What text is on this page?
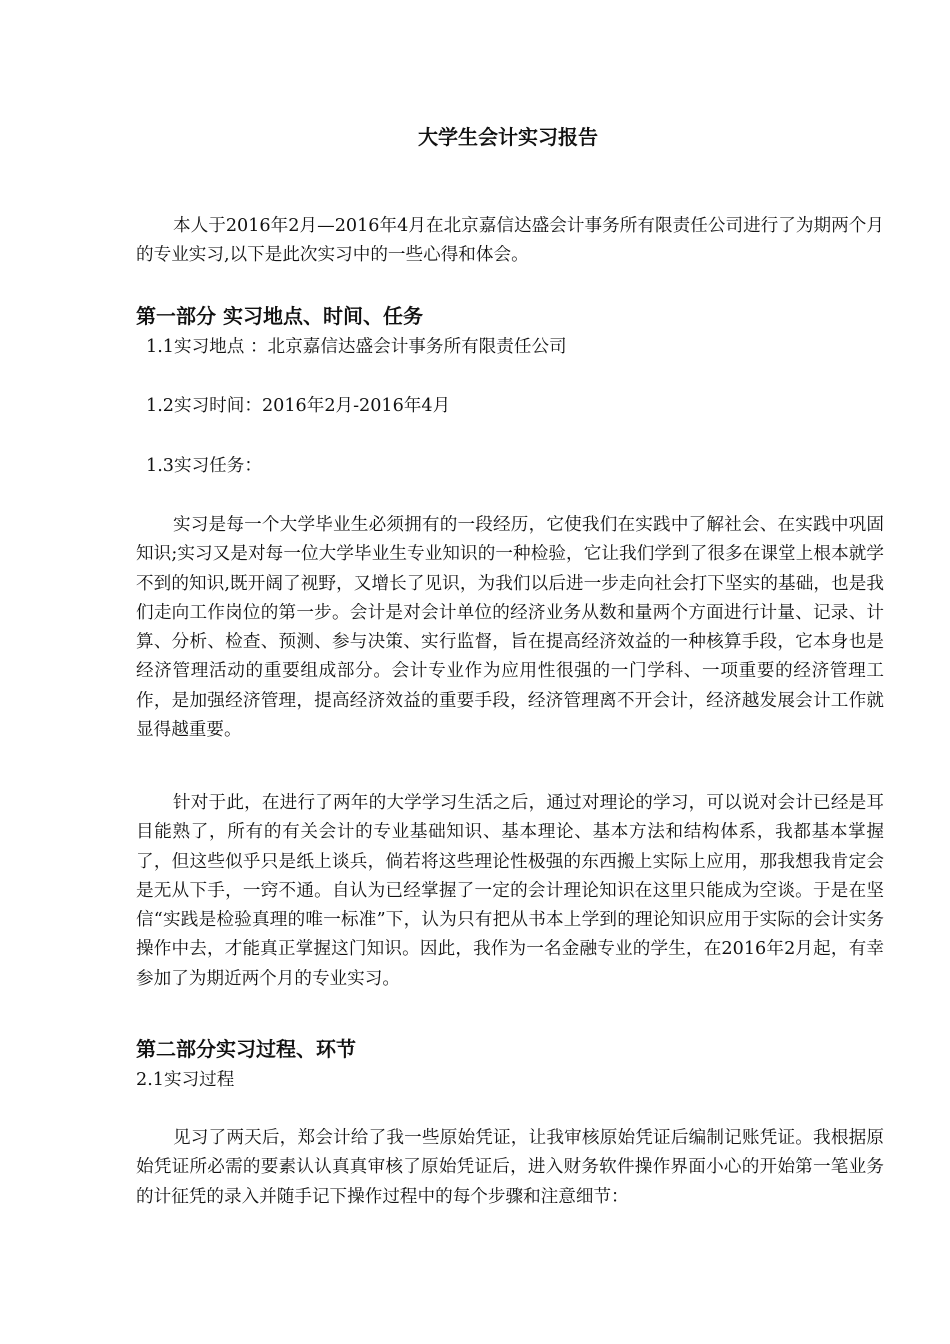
大学生会计实习报告

本人于2016年2月—2016年4月在北京嘉信达盛会计事务所有限责任公司进行了为期两个月的专业实习,以下是此次实习中的一些心得和体会。

第一部分 实习地点、时间、任务
1.1实习地点 ：北京嘉信达盛会计事务所有限责任公司
1.2实习时间：2016年2月-2016年4月
1.3实习任务：

实习是每一个大学毕业生必须拥有的一段经历，它使我们在实践中了解社会、在实践中巩固知识;实习又是对每一位大学毕业生专业知识的一种检验，它让我们学到了很多在课堂上根本就学不到的知识,既开阔了视野，又增长了见识，为我们以后进一步走向社会打下坚实的基础，也是我们走向工作岗位的第一步。会计是对会计单位的经济业务从数和量两个方面进行计量、记录、计算、分析、检查、预测、参与决策、实行监督，旨在提高经济效益的一种核算手段，它本身也是经济管理活动的重要组成部分。会计专业作为应用性很强的一门学科、一项重要的经济管理工作，是加强经济管理，提高经济效益的重要手段，经济管理离不开会计，经济越发展会计工作就显得越重要。

针对于此，在进行了两年的大学学习生活之后，通过对理论的学习，可以说对会计已经是耳目能熟了，所有的有关会计的专业基础知识、基本理论、基本方法和结构体系，我都基本掌握了，但这些似乎只是纸上谈兵，倘若将这些理论性极强的东西搬上实际上应用，那我想我肯定会是无从下手，一窍不通。自认为已经掌握了一定的会计理论知识在这里只能成为空谈。于是在坚信“实践是检验真理的唯一标准”下，认为只有把从书本上学到的理论知识应用于实际的会计实务操作中去，才能真正掌握这门知识。因此，我作为一名金融专业的学生，在2016年2月起，有幸参加了为期近两个月的专业实习。

第二部分实习过程、环节
2.1实习过程

见习了两天后，郑会计给了我一些原始凭证，让我审核原始凭证后编制记账凭证。我根据原始凭证所必需的要素认认真真审核了原始凭证后，进入财务软件操作界面小心的开始第一笔业务的计征凭的录入并随手记下操作过程中的每个步骤和注意细节：
